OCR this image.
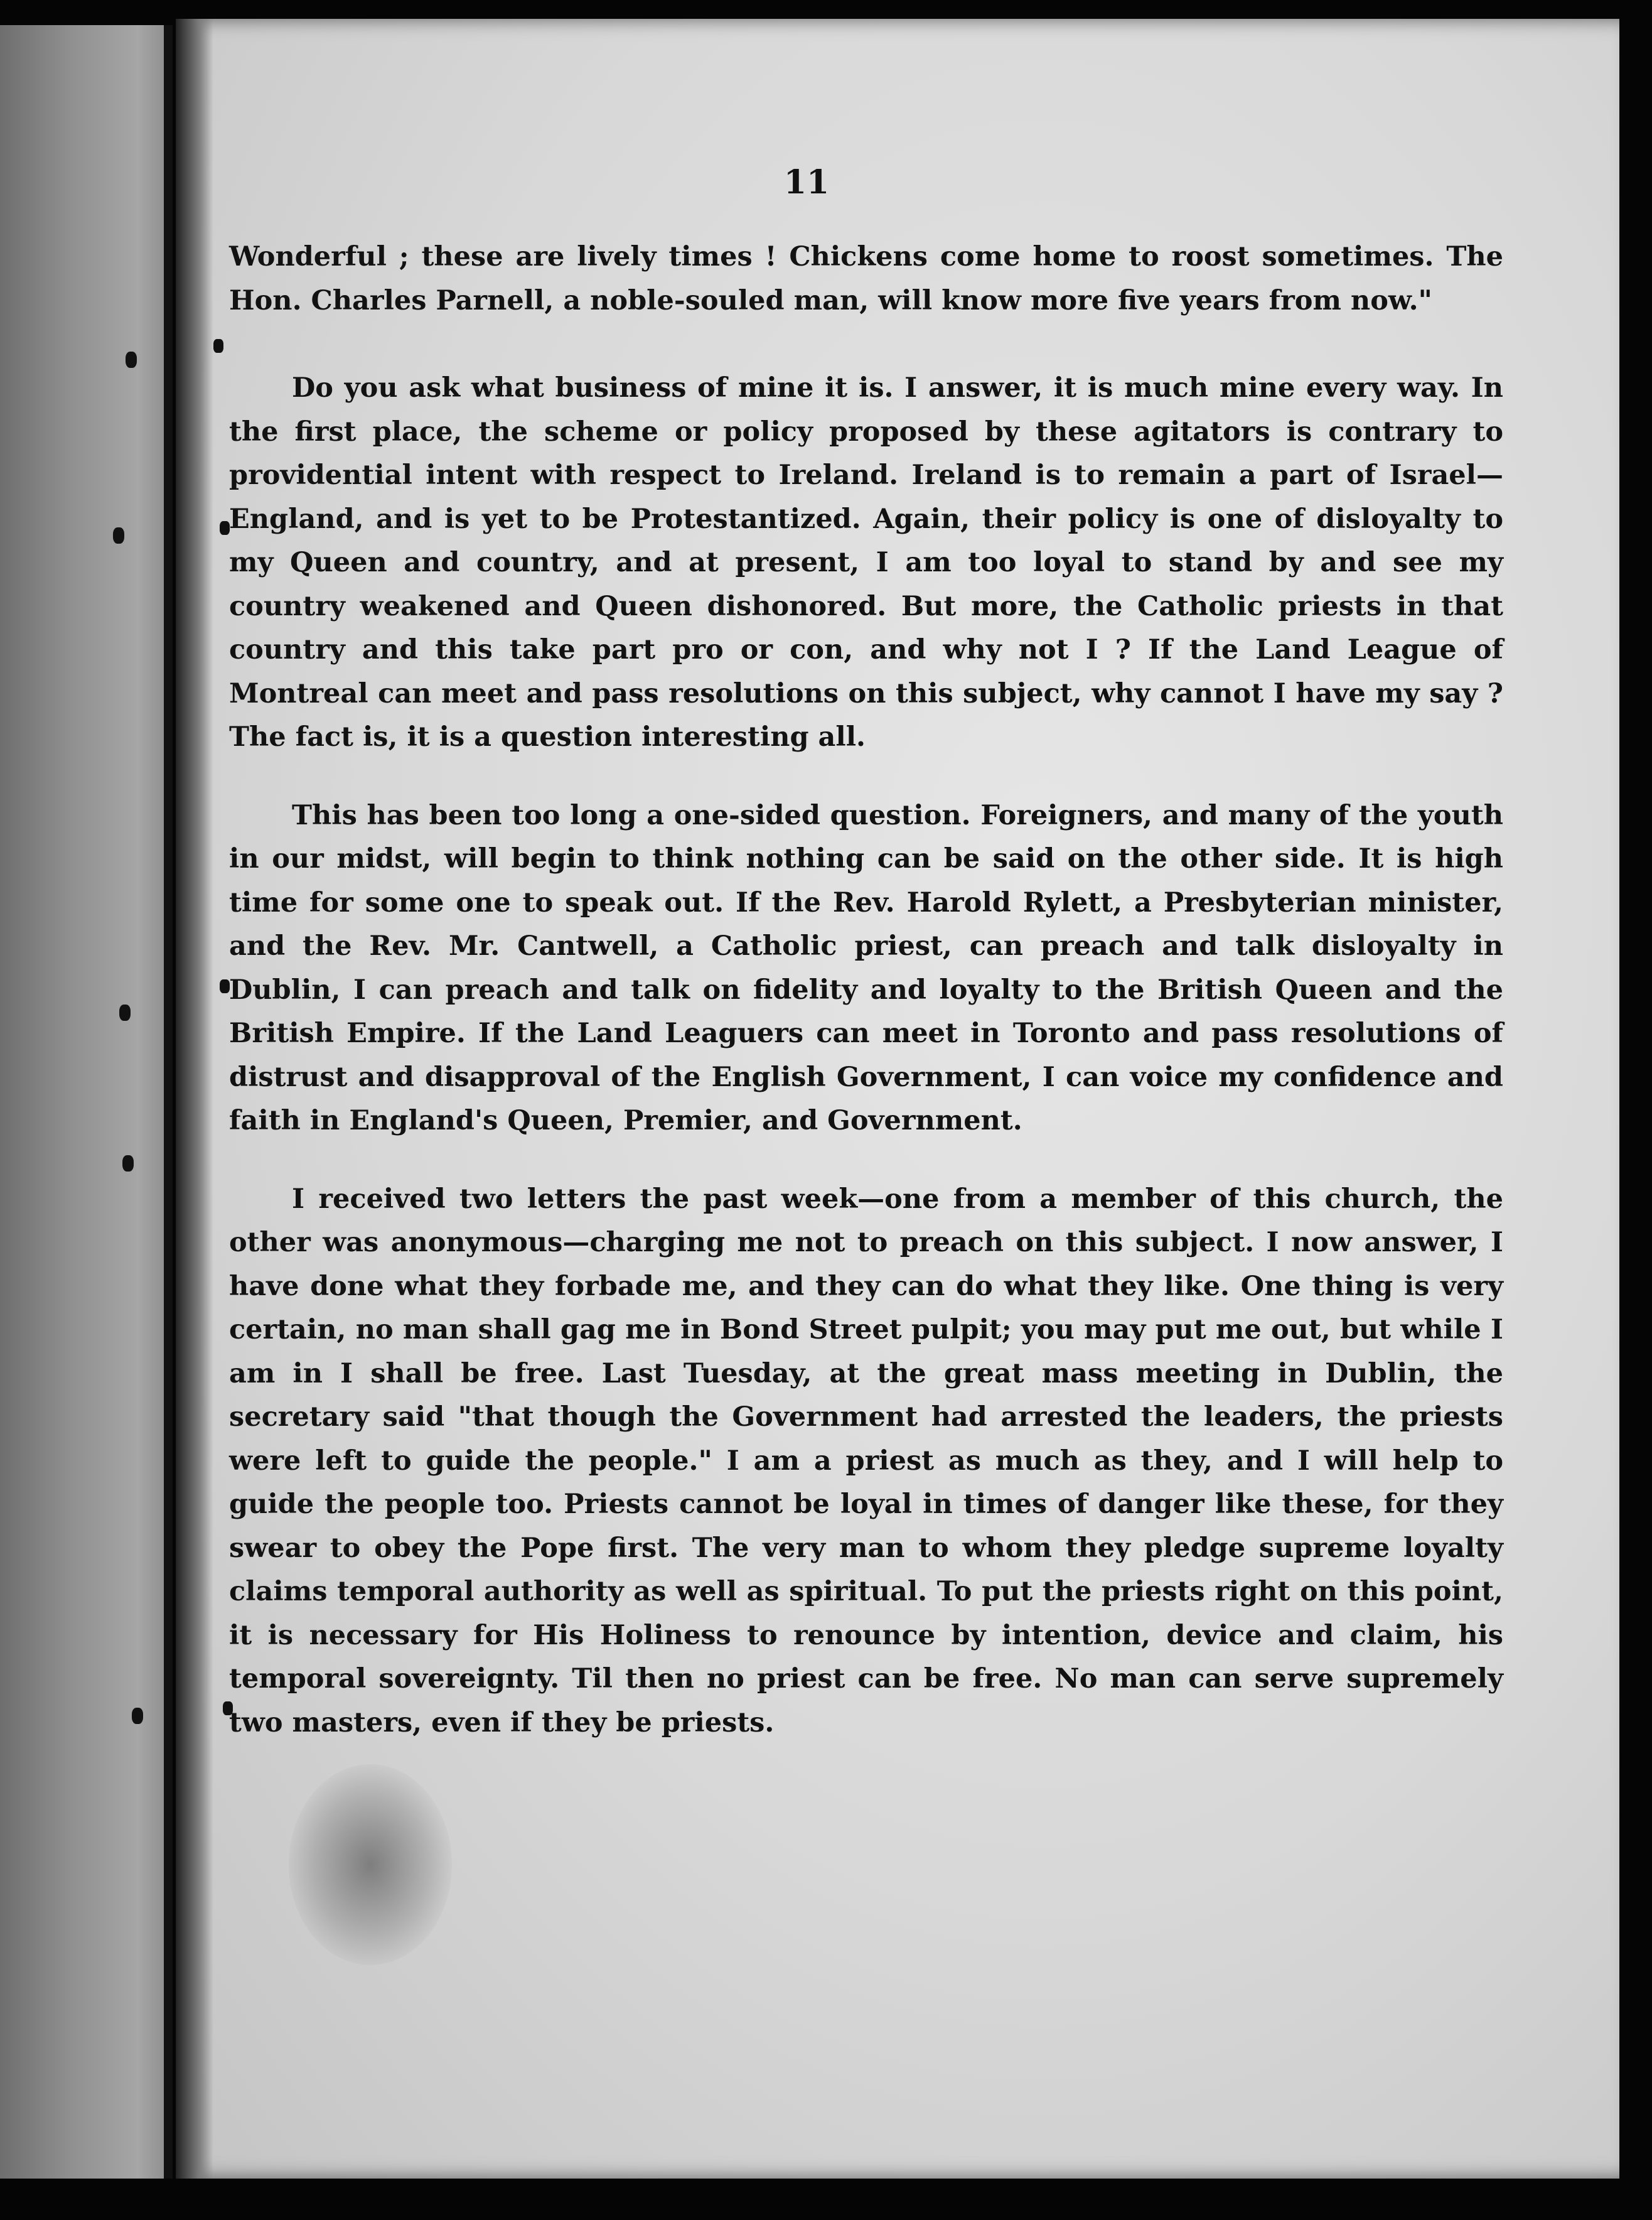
11

Wonderful ; these are lively times ! Chickens come home to roost sometimes. The Hon. Charles Parnell, a noble-souled man, will know more five years from now."

Do you ask what business of mine it is. I answer, it is much mine every way. In the first place, the scheme or policy proposed by these agitators is contrary to providential intent with respect to Ireland. Ireland is to remain a part of Israel—England, and is yet to be Protestantized. Again, their policy is one of disloyalty to my Queen and country, and at present, I am too loyal to stand by and see my country weakened and Queen dishonored. But more, the Catholic priests in that country and this take part pro or con, and why not I ? If the Land League of Montreal can meet and pass resolutions on this subject, why cannot I have my say ? The fact is, it is a question interesting all.

This has been too long a one-sided question. Foreigners, and many of the youth in our midst, will begin to think nothing can be said on the other side. It is high time for some one to speak out. If the Rev. Harold Rylett, a Presbyterian minister, and the Rev. Mr. Cantwell, a Catholic priest, can preach and talk disloyalty in Dublin, I can preach and talk on fidelity and loyalty to the British Queen and the British Empire. If the Land Leaguers can meet in Toronto and pass resolutions of distrust and disapproval of the English Government, I can voice my confidence and faith in England's Queen, Premier, and Government.

I received two letters the past week—one from a member of this church, the other was anonymous—charging me not to preach on this subject. I now answer, I have done what they forbade me, and they can do what they like. One thing is very certain, no man shall gag me in Bond Street pulpit; you may put me out, but while I am in I shall be free. Last Tuesday, at the great mass meeting in Dublin, the secretary said "that though the Government had arrested the leaders, the priests were left to guide the people." I am a priest as much as they, and I will help to guide the people too. Priests cannot be loyal in times of danger like these, for they swear to obey the Pope first. The very man to whom they pledge supreme loyalty claims temporal authority as well as spiritual. To put the priests right on this point, it is necessary for His Holiness to renounce by intention, device and claim, his temporal sovereignty. Til then no priest can be free. No man can serve supremely two masters, even if they be priests.
